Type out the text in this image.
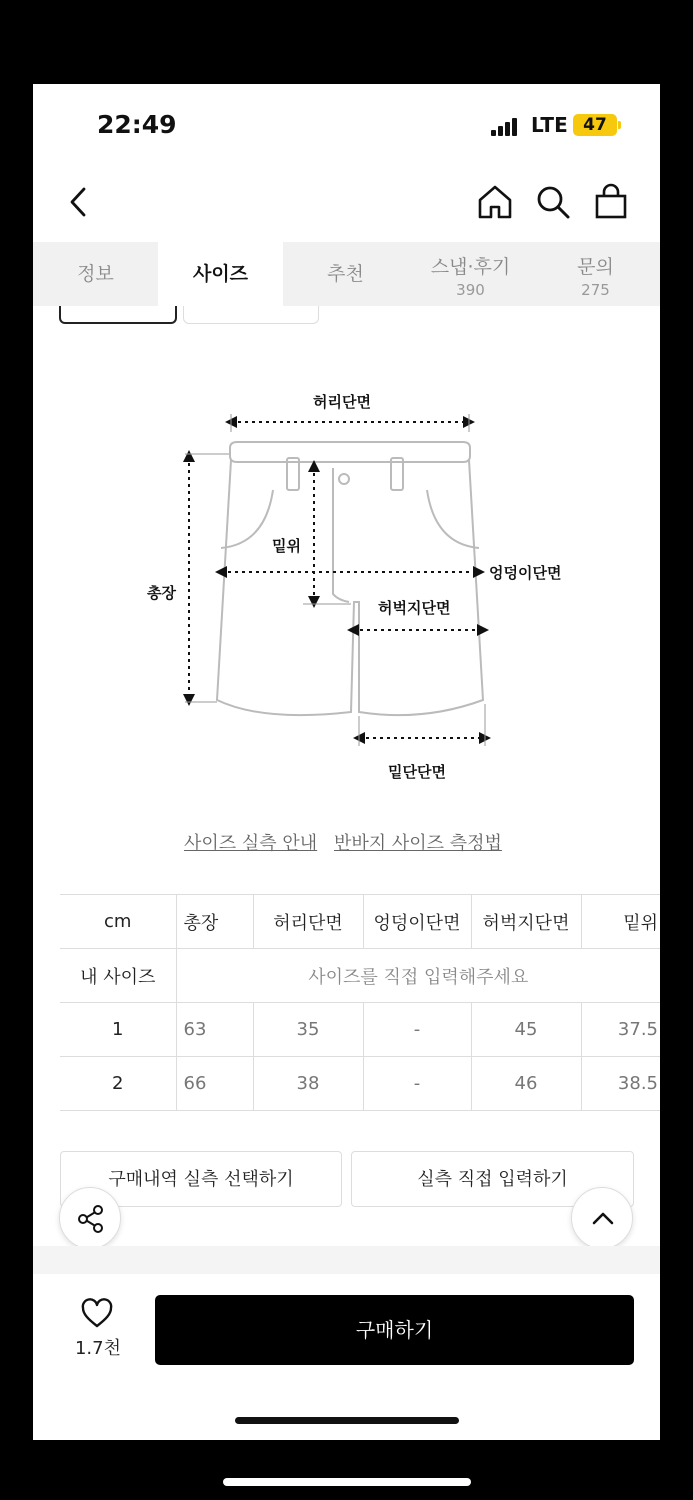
22:49	LTE 47
정보	사이즈	추천	스냅·후기
390
문의
275
허리단면
총장
밑위
엉덩이단면
허벅지단면
밑단단면
사이즈 실측 안내 반바지 사이즈 측정법
cm	총장	허리단면	엉덩이단면	허벅지단면	밑위
내 사이즈	사이즈를 직접 입력해주세요				
1	63	35	-	45	37.5
2	66	38	-	46	38.5
구매내역 실측 선택하기	실측 직접 입력하기
1.7천
구매하기
